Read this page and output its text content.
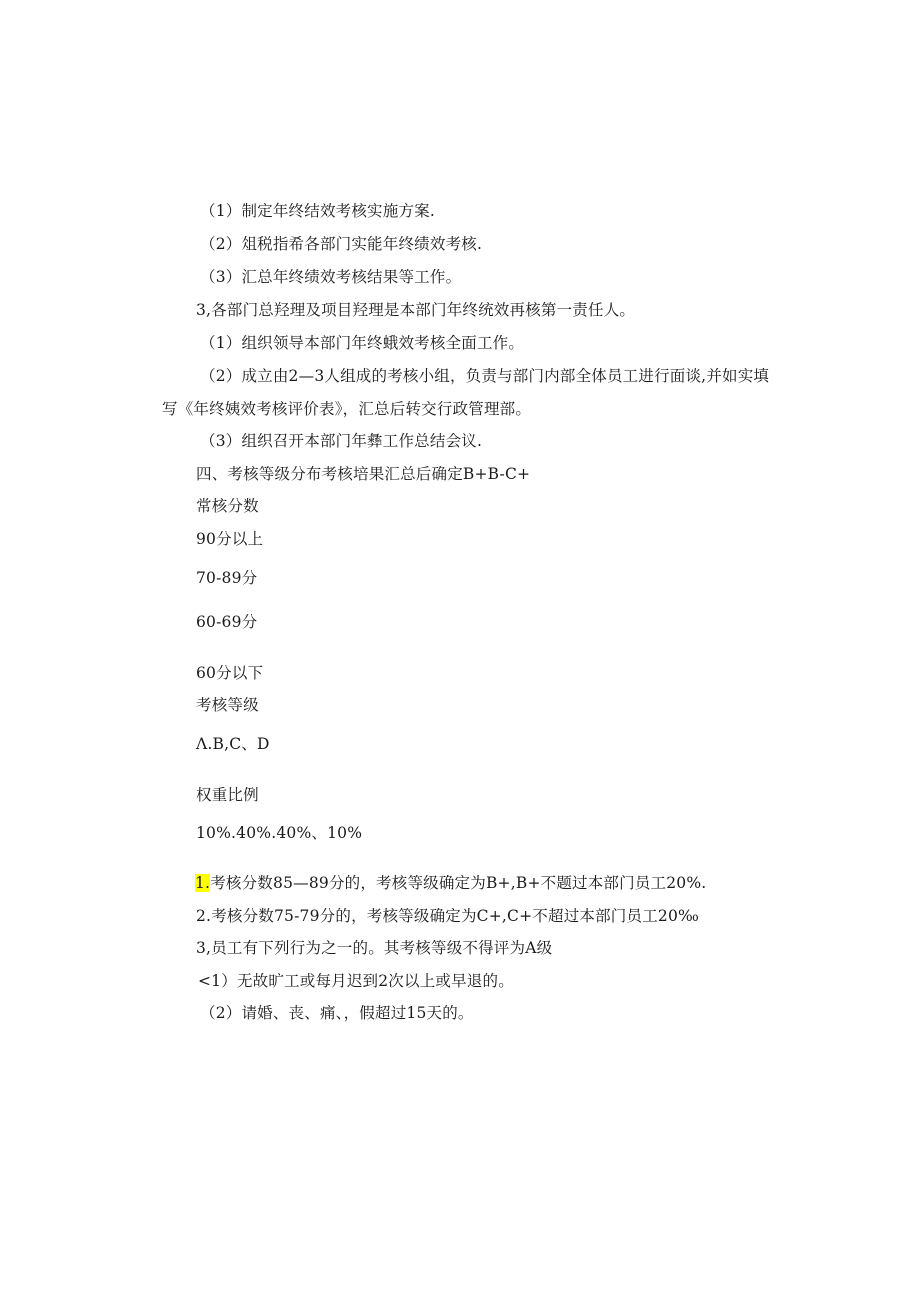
（1）制定年终结效考核实施方案.
（2）俎税指希各部门实能年终绩效考核.
（3）汇总年终绩效考核结果等工作。
3,各部门总羟理及项目羟理是本部门年终统效再核第一责任人。
（1）组织领导本部门年终蛾效考核全面工作。
（2）成立由2—3人组成的考核小组，负责与部门内部全体员工进行面谈,并如实填
写《年终姨效考核评价表》，汇总后转交行政管理部。
（3）组织召开本部门年彝工作总结会议.
四、考核等级分布考核培果汇总后确定B+B-C+
常核分数
90分以上
70-89分
60-69分
60分以下
考核等级
Λ.B,C、D
权重比例
10%.40%.40%、10%
1.考核分数85—89分的，考核等级确定为B+,B+不题过本部门员工20%.
2.考核分数75-79分的，考核等级确定为C+,C+不超过本部门员工20‰
3,员工有下列行为之一的。其考核等级不得评为A级
<1）无故旷工或每月迟到2次以上或早退的。
（2）请婚、丧、痛、，假超过15天的。
